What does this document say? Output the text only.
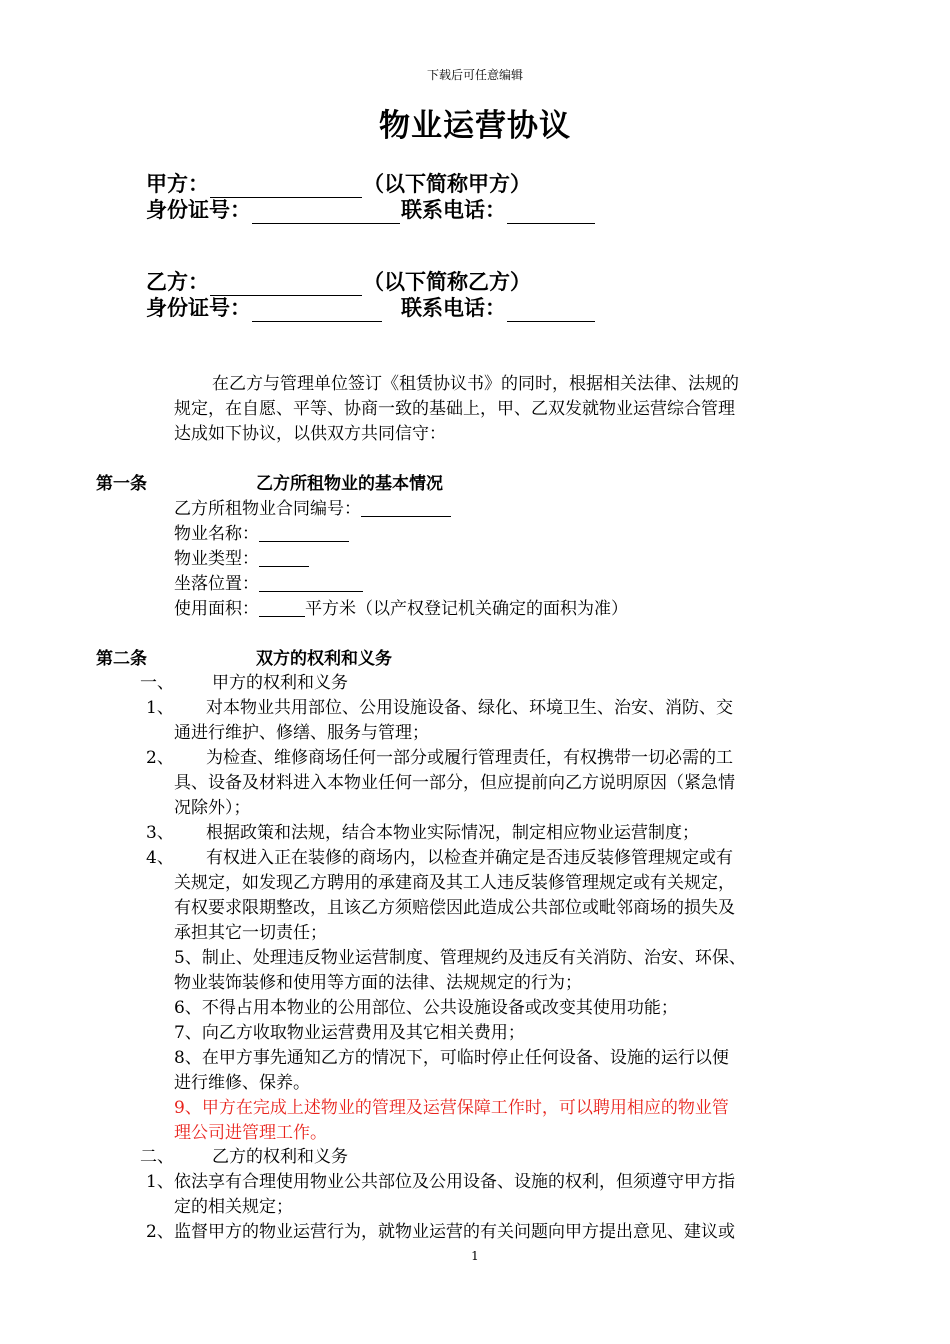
下载后可任意编辑
物业运营协议
甲方：	（以下简称甲方）
身份证号：	联系电话：
乙方：	（以下简称乙方）
身份证号：	联系电话：
在乙方与管理单位签订《租赁协议书》的同时，根据相关法律、法规的
规定，在自愿、平等、协商一致的基础上，甲、乙双发就物业运营综合管理
达成如下协议，以供双方共同信守：
第一条	乙方所租物业的基本情况
乙方所租物业合同编号：
物业名称：
物业类型：
坐落位置：
使用面积：	平方米（以产权登记机关确定的面积为准）
第二条	双方的权利和义务
一、 甲方的权利和义务
1、 对本物业共用部位、公用设施设备、绿化、环境卫生、治安、消防、交
通进行维护、修缮、服务与管理；
2、 为检查、维修商场任何一部分或履行管理责任，有权携带一切必需的工
具、设备及材料进入本物业任何一部分，但应提前向乙方说明原因（紧急情
况除外）；
3、 根据政策和法规，结合本物业实际情况，制定相应物业运营制度；
4、 有权进入正在装修的商场内，以检查并确定是否违反装修管理规定或有
关规定，如发现乙方聘用的承建商及其工人违反装修管理规定或有关规定，
有权要求限期整改，且该乙方须赔偿因此造成公共部位或毗邻商场的损失及
承担其它一切责任；
5、制止、处理违反物业运营制度、管理规约及违反有关消防、治安、环保、
物业装饰装修和使用等方面的法律、法规规定的行为；
6、不得占用本物业的公用部位、公共设施设备或改变其使用功能；
7、向乙方收取物业运营费用及其它相关费用；
8、在甲方事先通知乙方的情况下，可临时停止任何设备、设施的运行以便
进行维修、保养。
9、甲方在完成上述物业的管理及运营保障工作时，可以聘用相应的物业管
理公司进管理工作。
二、 乙方的权利和义务
1、 依法享有合理使用物业公共部位及公用设备、设施的权利，但须遵守甲方指
定的相关规定；
2、 监督甲方的物业运营行为，就物业运营的有关问题向甲方提出意见、建议或
1
